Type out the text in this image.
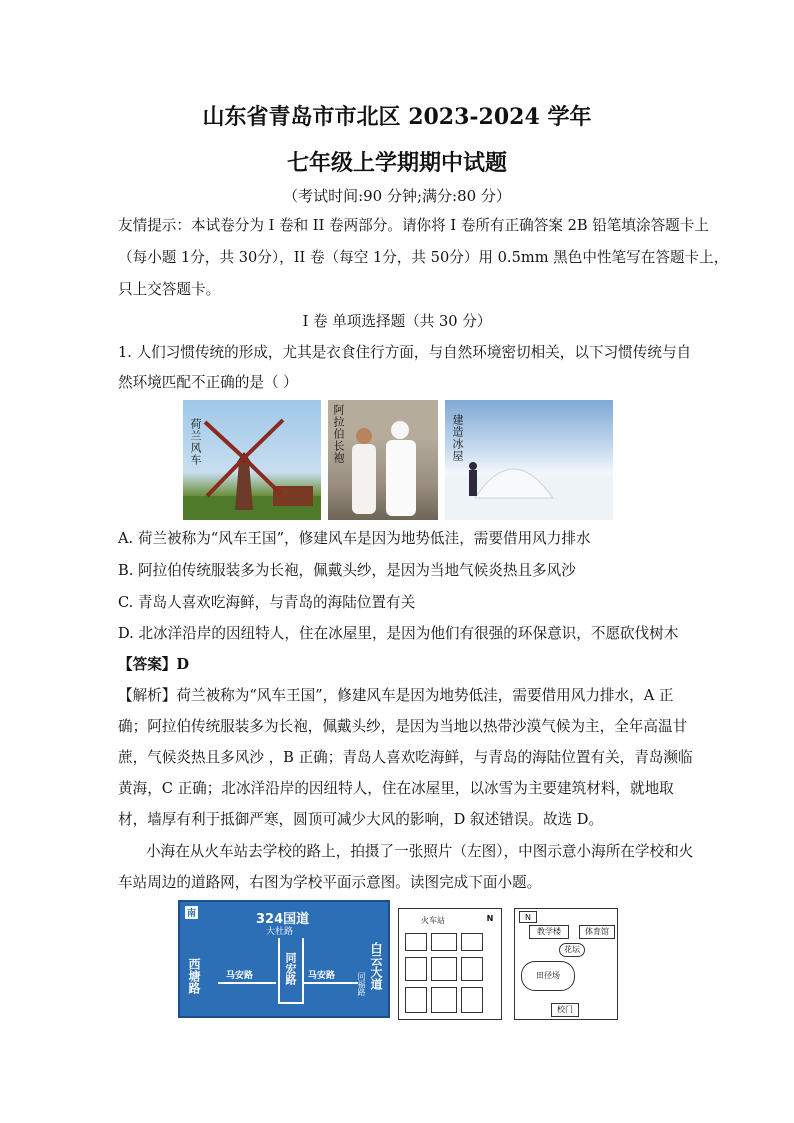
山东省青岛市市北区 2023-2024 学年
七年级上学期期中试题
（考试时间:90 分钟;满分:80 分）
友情提示：本试卷分为 I 卷和 II 卷两部分。请你将 I 卷所有正确答案 2B 铅笔填涂答题卡上
（每小题 1分，共 30分），II 卷（每空 1分，共 50分）用 0.5mm 黑色中性笔写在答题卡上，
只上交答题卡。
I 卷 单项选择题（共 30 分）
1. 人们习惯传统的形成，尤其是衣食住行方面，与自然环境密切相关，以下习惯传统与自
然环境匹配不正确的是（ ）
荷兰风车	阿拉伯长袍	建造冰屋
A. 荷兰被称为“风车王国”，修建风车是因为地势低洼，需要借用风力排水
B. 阿拉伯传统服装多为长袍，佩戴头纱，是因为当地气候炎热且多风沙
C. 青岛人喜欢吃海鲜，与青岛的海陆位置有关
D. 北冰洋沿岸的因纽特人，住在冰屋里，是因为他们有很强的环保意识，不愿砍伐树木
【答案】D
【解析】荷兰被称为“风车王国”，修建风车是因为地势低洼，需要借用风力排水，A 正
确；阿拉伯传统服装多为长袍，佩戴头纱，是因为当地以热带沙漠气候为主，全年高温甘
蔗，气候炎热且多风沙 ，B 正确；青岛人喜欢吃海鲜，与青岛的海陆位置有关，青岛濒临
黄海，C 正确；北冰洋沿岸的因纽特人，住在冰屋里，以冰雪为主要建筑材料，就地取
材，墙厚有利于抵御严寒，圆顶可减少大风的影响，D 叙述错误。故选 D。
小海在从火车站去学校的路上，拍摄了一张照片（左图），中图示意小海所在学校和火
车站周边的道路网，右图为学校平面示意图。读图完成下面小题。
南	324国道
大杜路
西塘路	白云大道
同宏路
马安路	马安路	同福路
火车站	N	N
教学楼	体育馆
花坛
田径场
校门
